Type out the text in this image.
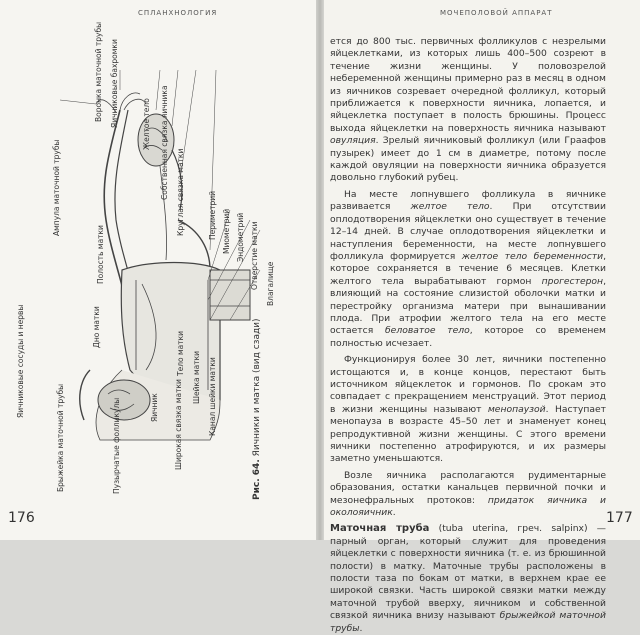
СПЛАНХНОЛОГИЯ	МОЧЕПОЛОВОЙ АППАРАТ
176	177
Воронка маточной трубы Яичниковые бахромки	Желтое тело Собственная связка яичника Круглая связка матки
Ампула маточной трубы	Периметрий Миометрий Эндометрий Отверстие матки
Полость матки	Влагалище
Дно матки
Тело матки Шейка матки Канал шейки матки
Яичниковые сосуды и нервы
Брыжейка маточной трубы	Пузырчатые фолликулы	Яичник Широкая связка матки
Рис. 64. Яичники и матка (вид сзади)

ется до 800 тыс. первичных фолликулов с незрелыми яйцеклетками, из которых лишь 400–500 созреют в течение жизни женщины. У половозрелой небеременной женщины примерно раз в месяц в одном из яичников созревает очередной фолликул, который приближается к поверхности яичника, лопается, и яйцеклетка поступает в полость брюшины. Процесс выхода яйцеклетки на поверхность яичника называют овуляция. Зрелый яичниковый фолликул (или Граафов пузырек) имеет до 1 см в диаметре, потому после каждой овуляции на поверхности яичника образуется довольно глубокий рубец.

На месте лопнувшего фолликула в яичнике развивается желтое тело. При отсутствии оплодотворения яйцеклетки оно существует в течение 12–14 дней. В случае оплодотворения яйцеклетки и наступления беременности, на месте лопнувшего фолликула формируется желтое тело беременности, которое сохраняется в течение 6 месяцев. Клетки желтого тела вырабатывают гормон прогестерон, влияющий на состояние слизистой оболочки матки и перестройку организма матери при вынашивании плода. При атрофии желтого тела на его месте остается беловатое тело, которое со временем полностью исчезает.

Функционируя более 30 лет, яичники постепенно истощаются и, в конце концов, перестают быть источником яйцеклеток и гормонов. По срокам это совпадает с прекращением менструаций. Этот период в жизни женщины называют менопаузой. Наступает менопауза в возрасте 45–50 лет и знаменует конец репродуктивной жизни женщины. С этого времени яичники постепенно атрофируются, и их размеры заметно уменьшаются.

Возле яичника располагаются рудиментарные образования, остатки канальцев первичной почки и мезонефральных протоков: придаток яичника и околояичник.

Маточная труба (tuba uterina, греч. salpinx) — парный орган, который служит для проведения яйцеклетки с поверхности яичника (т. е. из брюшинной полости) в матку. Маточные трубы расположены в полости таза по бокам от матки, в верхнем крае ее широкой связки. Часть широкой связки матки между маточной трубой вверху, яичником и собственной связкой яичника внизу называют брыжейкой маточной трубы.
